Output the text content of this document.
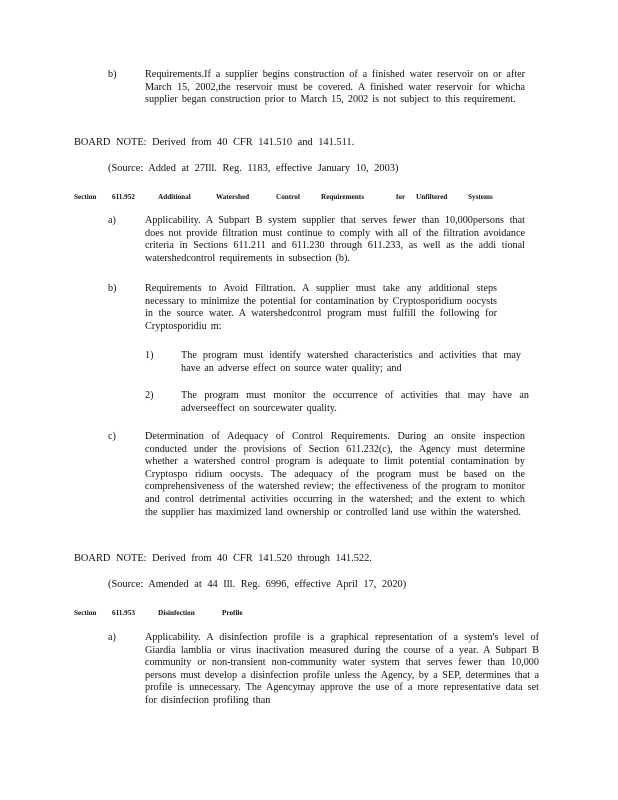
b)	Requirements.If a supplier begins construction of a finished water reservoir on or after March 15, 2002,the reservoir must be covered. A finished water reservoir for whicha supplier began construction prior to March 15, 2002 is not subject to this requirement.
BOARD NOTE: Derived from 40 CFR 141.510 and 141.511.
(Source: Added at 27Ill. Reg. 1183, effective January 10, 2003)
Section	611.952	Additional	Watershed	Control	Requirements	for	Unfiltered	Systems
a)	Applicability. A Subpart B system supplier that serves fewer than 10,000persons that does not provide filtration must continue to comply with all of the filtration avoidance criteria in Sections 611.211 and 611.230 through 611.233, as well as the addi tional watershedcontrol requirements in subsection (b).
b)	Requirements to Avoid Filtration. A supplier must take any additional steps necessary to minimize the potential for contamination by Cryptosporidium oocysts in the source water. A watershedcontrol program must fulfill the following for Cryptosporidiu m:
1)	The program must identify watershed characteristics and activities that may have an adverse effect on source water quality; and
2)	The program must monitor the occurrence of activities that may have an adverseeffect on sourcewater quality.
c)	Determination of Adequacy of Control Requirements. During an onsite inspection conducted under the provisions of Section 611.232(c), the Agency must determine whether a watershed control program is adequate to limit potential contamination by Cryptospo ridium oocysts. The adequacy of the program must be based on the comprehensiveness of the watershed review; the effectiveness of the program to monitor and control detrimental activities occurring in the watershed; and the extent to which the supplier has maximized land ownership or controlled land use within the watershed.
BOARD NOTE: Derived from 40 CFR 141.520 through 141.522.
(Source: Amended at 44 Ill. Reg. 6996, effective April 17, 2020)
Section	611.953	Disinfection	Profile
a)	Applicability. A disinfection profile is a graphical representation of a system's level of Giardia lamblia or virus inactivation measured during the course of a year. A Subpart B community or non-transient non-community water system that serves fewer than 10,000 persons must develop a disinfection profile unless the Agency, by a SEP, determines that a profile is unnecessary. The Agencymay approve the use of a more representative data set for disinfection profiling than
